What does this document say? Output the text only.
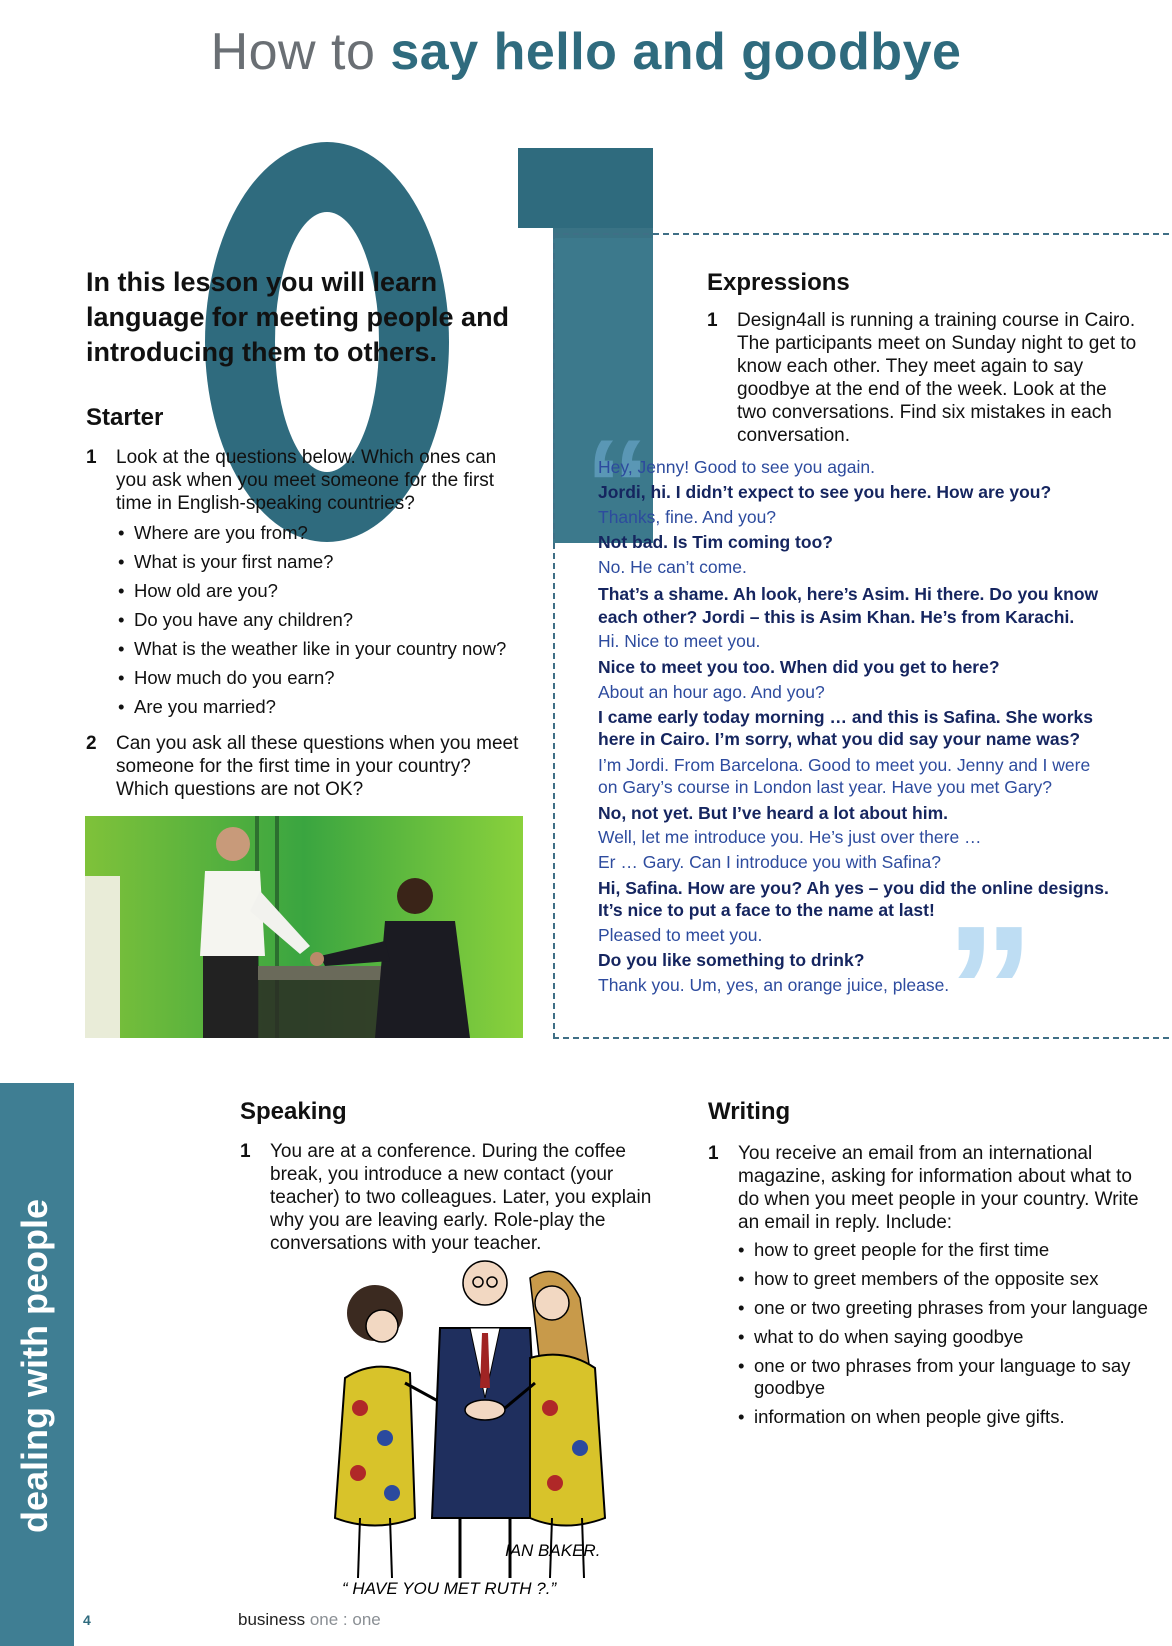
How to say hello and goodbye
In this lesson you will learn language for meeting people and introducing them to others.
Starter
1 Look at the questions below. Which ones can you ask when you meet someone for the first time in English-speaking countries?
• Where are you from?
• What is your first name?
• How old are you?
• Do you have any children?
• What is the weather like in your country now?
• How much do you earn?
• Are you married?
2 Can you ask all these questions when you meet someone for the first time in your country? Which questions are not OK?
Expressions
1 Design4all is running a training course in Cairo. The participants meet on Sunday night to get to know each other. They meet again to say goodbye at the end of the week. Look at the two conversations. Find six mistakes in each conversation.
“
”
Hey, Jenny! Good to see you again.
Jordi, hi. I didn’t expect to see you here. How are you?
Thanks, fine. And you?
Not bad. Is Tim coming too?
No. He can’t come.
That’s a shame. Ah look, here’s Asim. Hi there. Do you know
each other? Jordi – this is Asim Khan. He’s from Karachi.
Hi. Nice to meet you.
Nice to meet you too. When did you get to here?
About an hour ago. And you?
I came early today morning … and this is Safina. She works
here in Cairo. I’m sorry, what you did say your name was?
I’m Jordi. From Barcelona. Good to meet you. Jenny and I were
on Gary’s course in London last year. Have you met Gary?
No, not yet. But I’ve heard a lot about him.
Well, let me introduce you. He’s just over there …
Er … Gary. Can I introduce you with Safina?
Hi, Safina. How are you? Ah yes – you did the online designs.
It’s nice to put a face to the name at last!
Pleased to meet you.
Do you like something to drink?
Thank you. Um, yes, an orange juice, please.
dealing with people
Speaking
1 You are at a conference. During the coffee break, you introduce a new contact (your teacher) to two colleagues. Later, you explain why you are leaving early. Role-play the conversations with your teacher.
IAN BAKER.
“ HAVE YOU MET RUTH ?.”
Writing
1 You receive an email from an international magazine, asking for information about what to do when you meet people in your country. Write an email in reply. Include:
• how to greet people for the first time
• how to greet members of the opposite sex
• one or two greeting phrases from your language
• what to do when saying goodbye
• one or two phrases from your language to say goodbye
• information on when people give gifts.
4	business one : one
